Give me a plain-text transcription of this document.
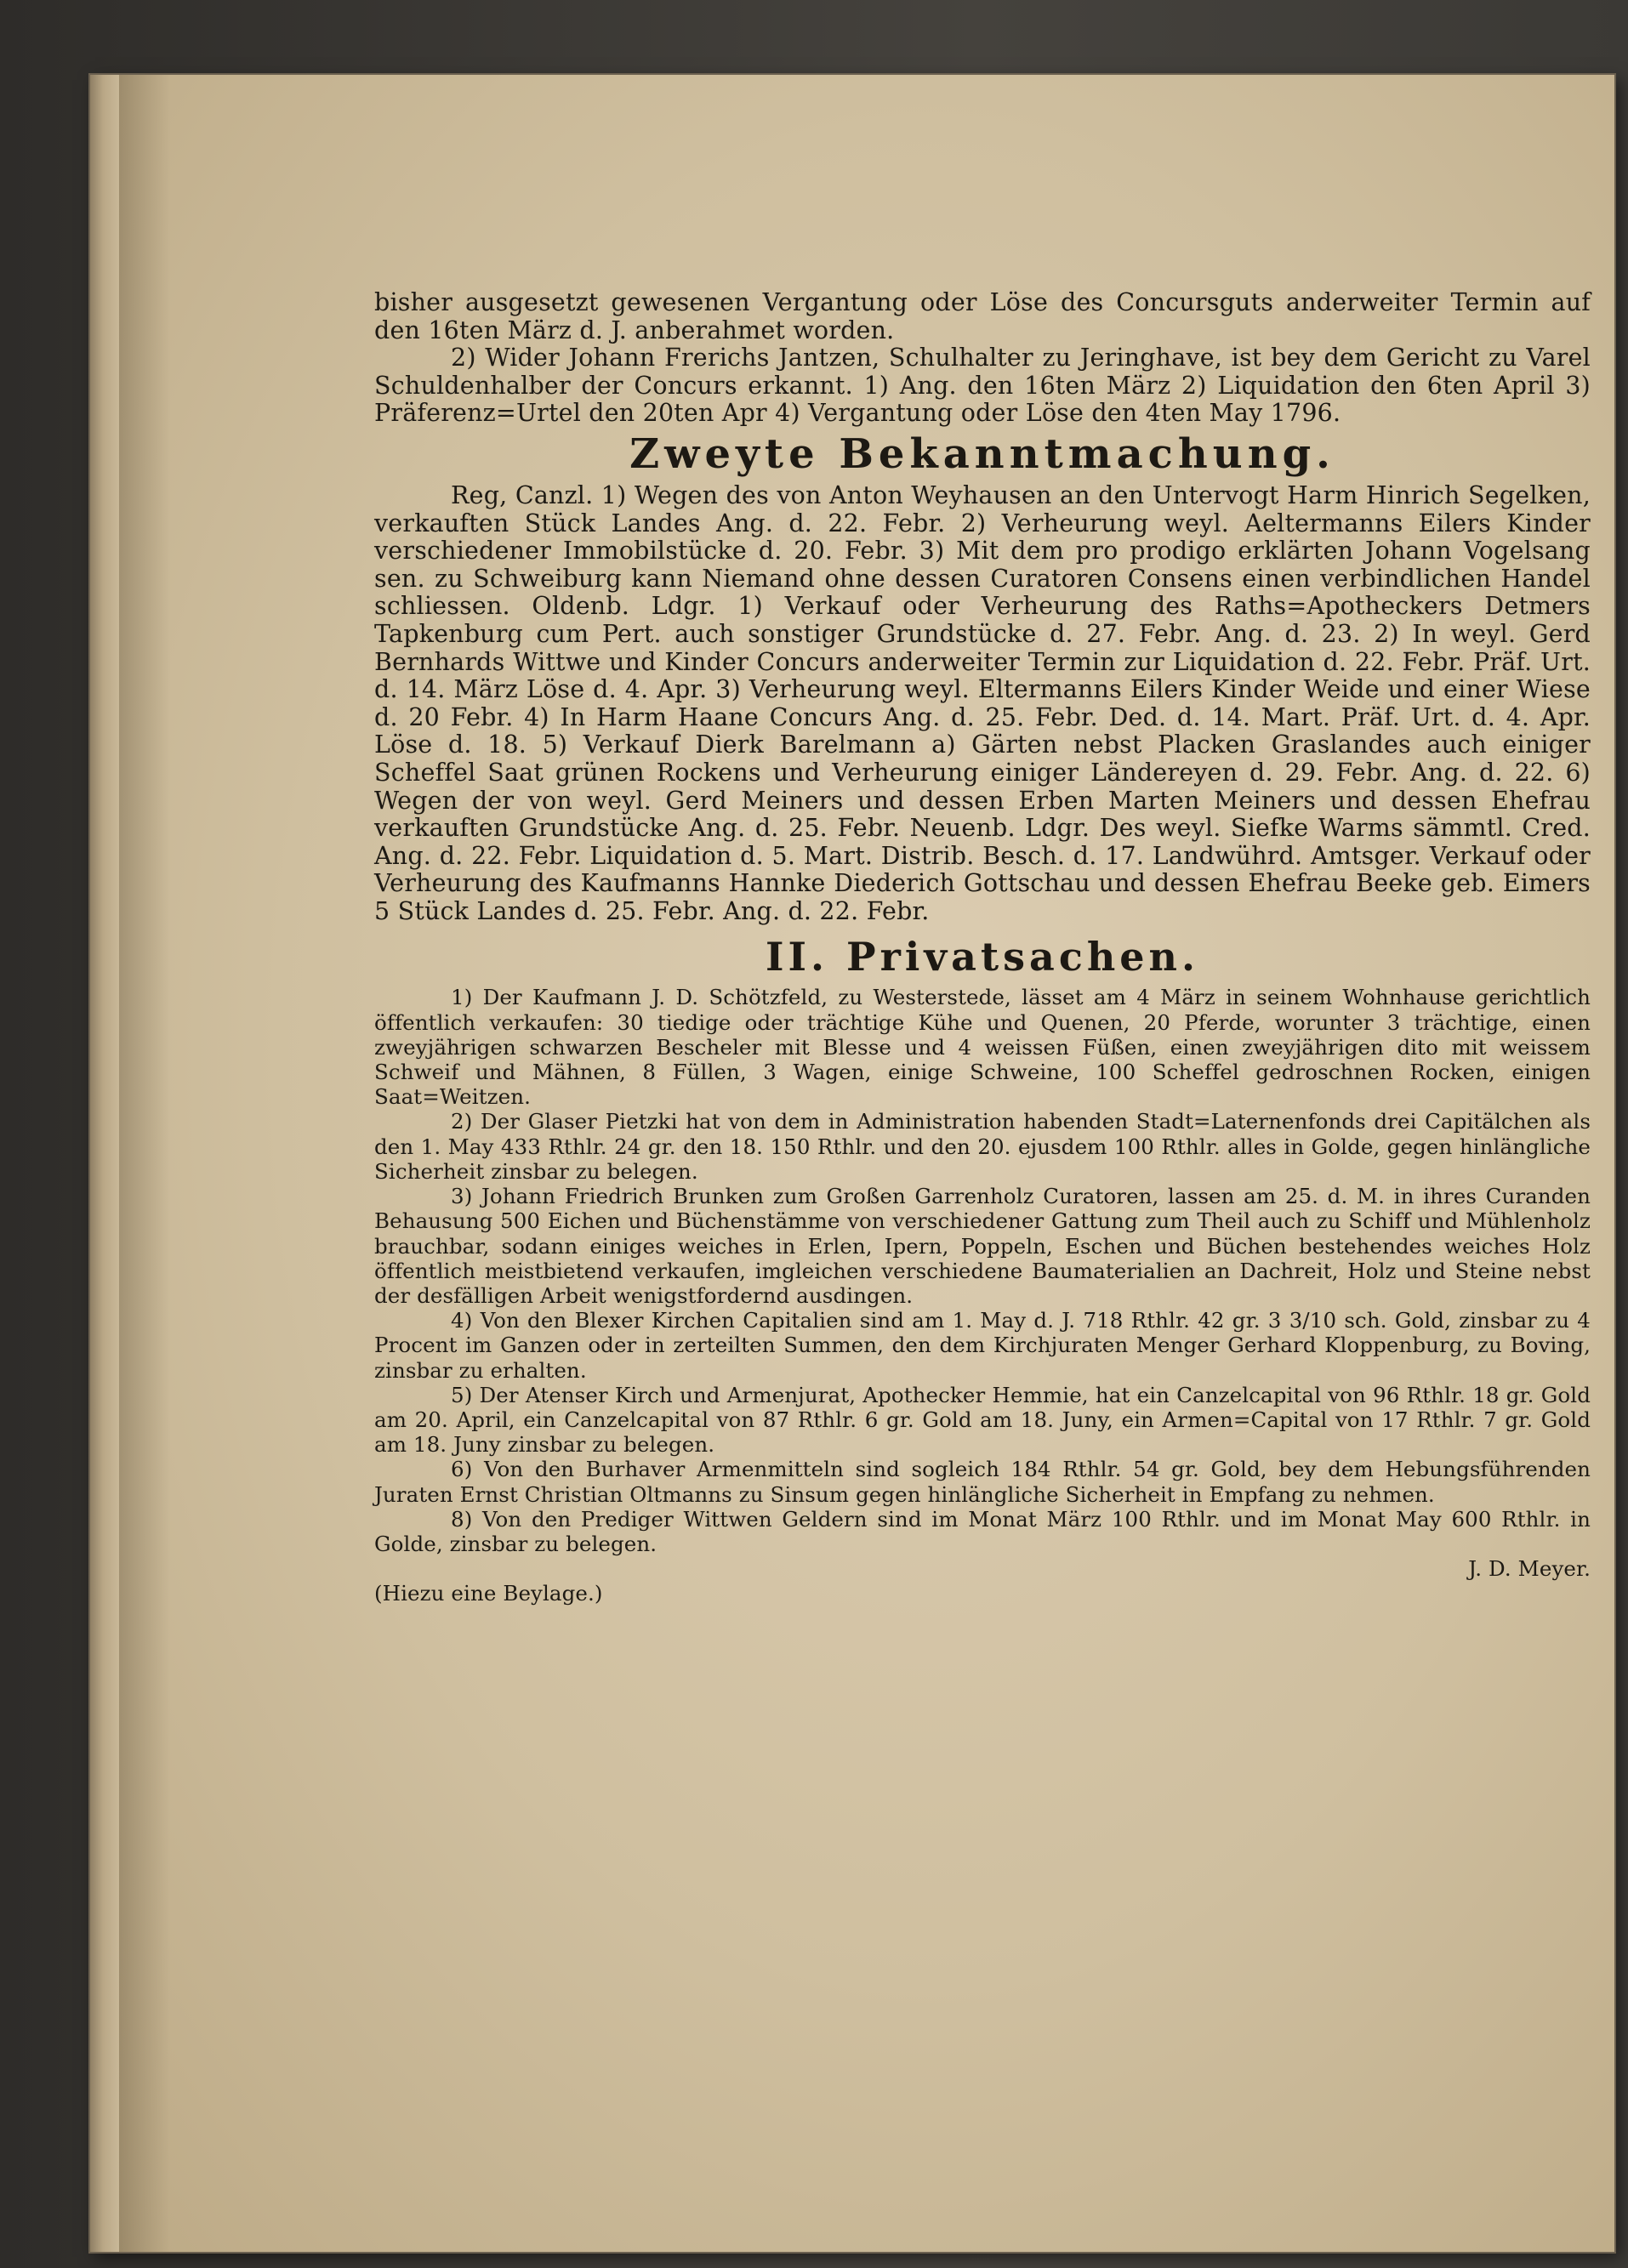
bisher ausgesetzt gewesenen Vergantung oder Löse des Concursguts anderweiter Termin auf den 16ten März d. J. anberahmet worden.

2) Wider Johann Frerichs Jantzen, Schulhalter zu Jeringhave, ist bey dem Gericht zu Varel Schuldenhalber der Concurs erkannt. 1) Ang. den 16ten März 2) Liquidation den 6ten April 3) Präferenz=Urtel den 20ten Apr 4) Vergantung oder Löse den 4ten May 1796.

Zweyte Bekanntmachung.

Reg, Canzl. 1) Wegen des von Anton Weyhausen an den Untervogt Harm Hinrich Segelken, verkauften Stück Landes Ang. d. 22. Febr. 2) Verheurung weyl. Aeltermanns Eilers Kinder verschiedener Immobilstücke d. 20. Febr. 3) Mit dem pro prodigo erklärten Johann Vogelsang sen. zu Schweiburg kann Niemand ohne dessen Curatoren Consens einen verbindlichen Handel schliessen. Oldenb. Ldgr. 1) Verkauf oder Verheurung des Raths=Apotheckers Detmers Tapkenburg cum Pert. auch sonstiger Grundstücke d. 27. Febr. Ang. d. 23. 2) In weyl. Gerd Bernhards Wittwe und Kinder Concurs anderweiter Termin zur Liquidation d. 22. Febr. Präf. Urt. d. 14. März Löse d. 4. Apr. 3) Verheurung weyl. Eltermanns Eilers Kinder Weide und einer Wiese d. 20 Febr. 4) In Harm Haane Concurs Ang. d. 25. Febr. Ded. d. 14. Mart. Präf. Urt. d. 4. Apr. Löse d. 18. 5) Verkauf Dierk Barelmann a) Gärten nebst Placken Graslandes auch einiger Scheffel Saat grünen Rockens und Verheurung einiger Ländereyen d. 29. Febr. Ang. d. 22. 6) Wegen der von weyl. Gerd Meiners und dessen Erben Marten Meiners und dessen Ehefrau verkauften Grundstücke Ang. d. 25. Febr. Neuenb. Ldgr. Des weyl. Siefke Warms sämmtl. Cred. Ang. d. 22. Febr. Liquidation d. 5. Mart. Distrib. Besch. d. 17. Landwührd. Amtsger. Verkauf oder Verheurung des Kaufmanns Hannke Diederich Gottschau und dessen Ehefrau Beeke geb. Eimers 5 Stück Landes d. 25. Febr. Ang. d. 22. Febr.

II. Privatsachen.

1) Der Kaufmann J. D. Schötzfeld, zu Westerstede, lässet am 4 März in seinem Wohnhause gerichtlich öffentlich verkaufen: 30 tiedige oder trächtige Kühe und Quenen, 20 Pferde, worunter 3 trächtige, einen zweyjährigen schwarzen Bescheler mit Blesse und 4 weissen Füßen, einen zweyjährigen dito mit weissem Schweif und Mähnen, 8 Füllen, 3 Wagen, einige Schweine, 100 Scheffel gedroschnen Rocken, einigen Saat=Weitzen.

2) Der Glaser Pietzki hat von dem in Administration habenden Stadt=Laternenfonds drei Capitälchen als den 1. May 433 Rthlr. 24 gr. den 18. 150 Rthlr. und den 20. ejusdem 100 Rthlr. alles in Golde, gegen hinlängliche Sicherheit zinsbar zu belegen.

3) Johann Friedrich Brunken zum Großen Garrenholz Curatoren, lassen am 25. d. M. in ihres Curanden Behausung 500 Eichen und Büchenstämme von verschiedener Gattung zum Theil auch zu Schiff und Mühlenholz brauchbar, sodann einiges weiches in Erlen, Ipern, Poppeln, Eschen und Büchen bestehendes weiches Holz öffentlich meistbietend verkaufen, imgleichen verschiedene Baumaterialien an Dachreit, Holz und Steine nebst der desfälligen Arbeit wenigstfordernd ausdingen.

4) Von den Blexer Kirchen Capitalien sind am 1. May d. J. 718 Rthlr. 42 gr. 3 3/10 sch. Gold, zinsbar zu 4 Procent im Ganzen oder in zerteilten Summen, den dem Kirchjuraten Menger Gerhard Kloppenburg, zu Boving, zinsbar zu erhalten.

5) Der Atenser Kirch und Armenjurat, Apothecker Hemmie, hat ein Canzelcapital von 96 Rthlr. 18 gr. Gold am 20. April, ein Canzelcapital von 87 Rthlr. 6 gr. Gold am 18. Juny, ein Armen=Capital von 17 Rthlr. 7 gr. Gold am 18. Juny zinsbar zu belegen.

6) Von den Burhaver Armenmitteln sind sogleich 184 Rthlr. 54 gr. Gold, bey dem Hebungsführenden Juraten Ernst Christian Oltmanns zu Sinsum gegen hinlängliche Sicherheit in Empfang zu nehmen.

8) Von den Prediger Wittwen Geldern sind im Monat März 100 Rthlr. und im Monat May 600 Rthlr. in Golde, zinsbar zu belegen.

J. D. Meyer.

(Hiezu eine Beylage.)
